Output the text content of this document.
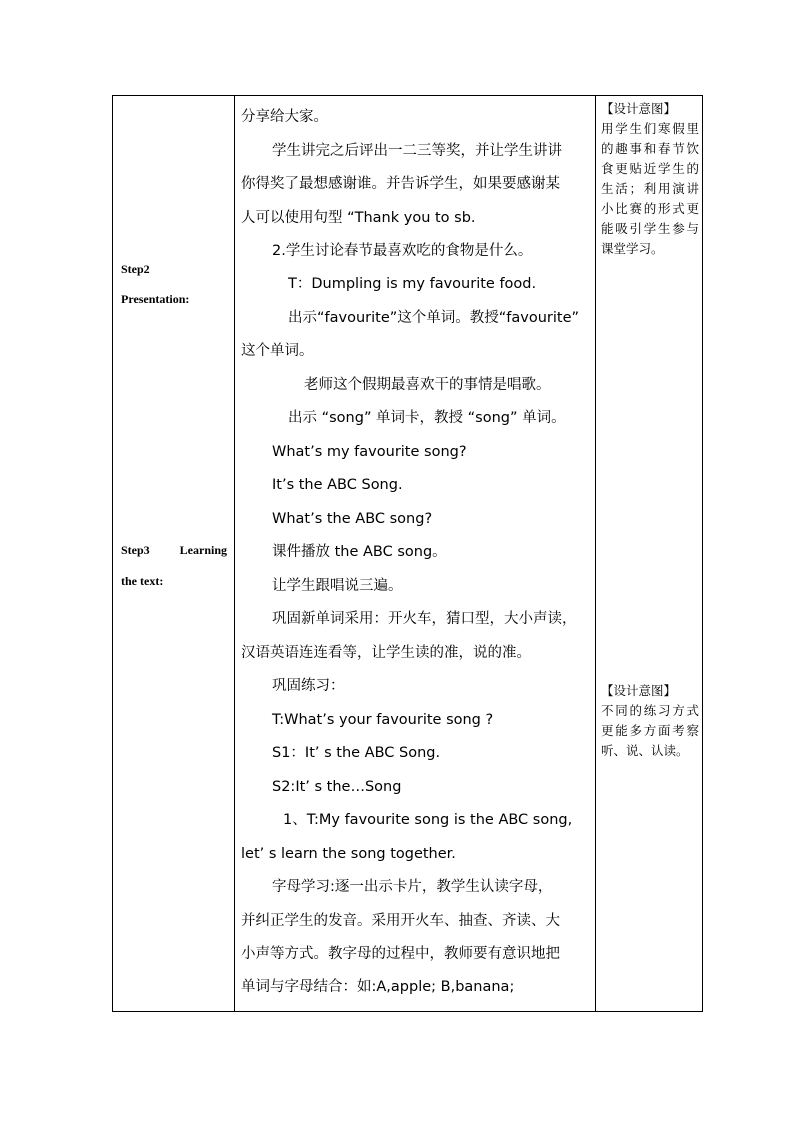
Step2
Presentation:
Step3 Learning
the text:
分享给大家。
学生讲完之后评出一二三等奖，并让学生讲讲
你得奖了最想感谢谁。并告诉学生，如果要感谢某
人可以使用句型 “Thank you to sb.
2.学生讨论春节最喜欢吃的食物是什么。
T：Dumpling is my favourite food.
出示“favourite”这个单词。教授“favourite”
这个单词。
老师这个假期最喜欢干的事情是唱歌。
出示 “song” 单词卡，教授 “song” 单词。
What’s my favourite song?
It’s the ABC Song.
What’s the ABC song?
课件播放 the ABC song。
让学生跟唱说三遍。
巩固新单词采用：开火车，猜口型，大小声读，
汉语英语连连看等，让学生读的准，说的准。
巩固练习：
T:What’s your favourite song ?
S1：It’ s the ABC Song.
S2:It’ s the…Song
1、T:My favourite song is the ABC song,
let’ s learn the song together.
字母学习:逐一出示卡片，教学生认读字母，
并纠正学生的发音。采用开火车、抽查、齐读、大
小声等方式。教字母的过程中，教师要有意识地把
单词与字母结合：如:A,apple; B,banana;
【设计意图】
用学生们寒假里的趣事和春节饮食更贴近学生的生活；利用演讲小比赛的形式更能吸引学生参与课堂学习。
【设计意图】
不同的练习方式更能多方面考察听、说、认读。
